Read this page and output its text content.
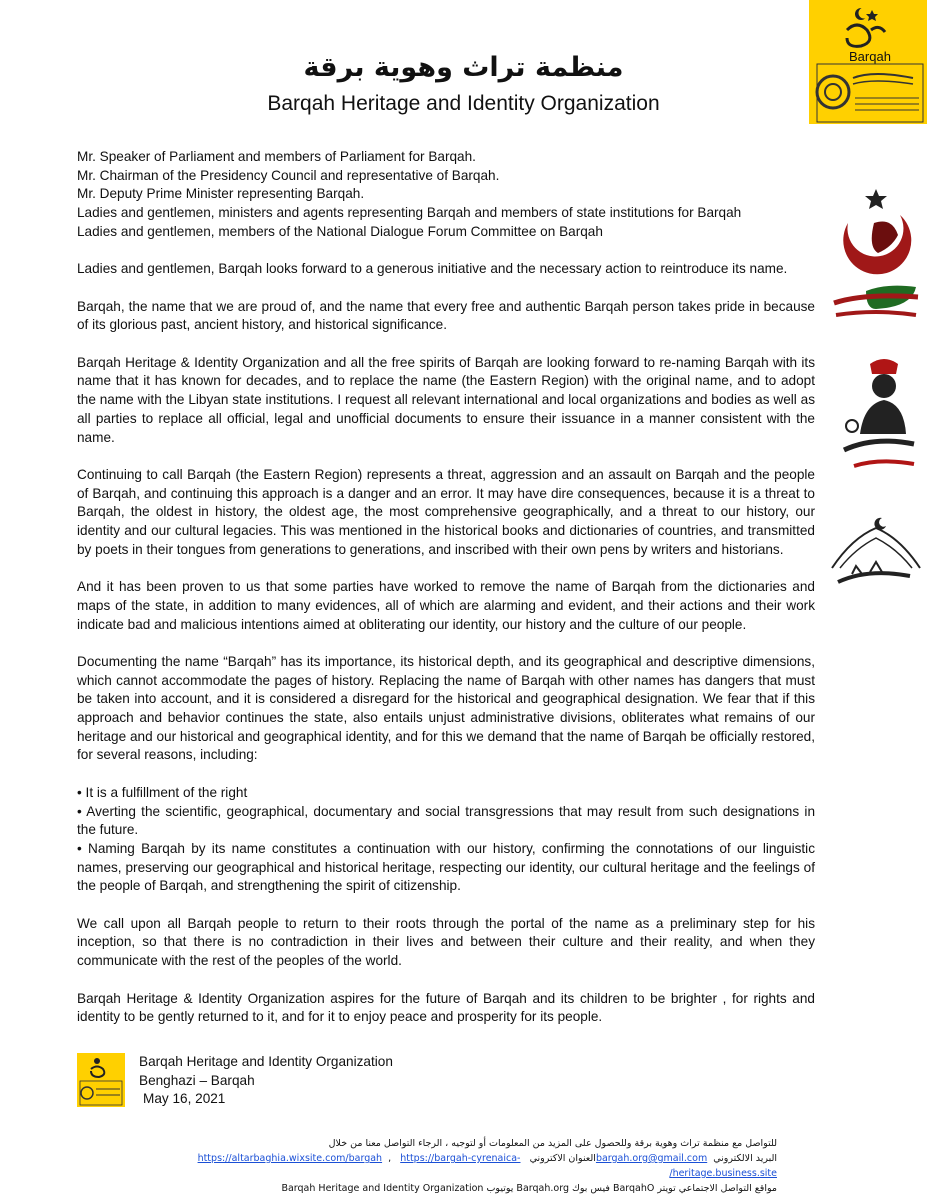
Barqah
منظمة تراث وهوية برقة
Barqah Heritage and Identity Organization
Mr. Speaker of Parliament and members of Parliament for Barqah.
Mr. Chairman of the Presidency Council and representative of Barqah.
Mr. Deputy Prime Minister representing Barqah.
Ladies and gentlemen, ministers and agents representing Barqah and members of state institutions for Barqah
Ladies and gentlemen, members of the National Dialogue Forum Committee on Barqah

Ladies and gentlemen, Barqah looks forward to a generous initiative and the necessary action to reintroduce its name.

Barqah, the name that we are proud of, and the name that every free and authentic Barqah person takes pride in because of its glorious past, ancient history, and historical significance.

Barqah Heritage & Identity Organization and all the free spirits of Barqah are looking forward to re-naming Barqah with its name that it has known for decades, and to replace the name (the Eastern Region) with the original name, and to adopt the name with the Libyan state institutions. I request all relevant international and local organizations and bodies as well as all parties to replace all official, legal and unofficial documents to ensure their issuance in a manner consistent with the name.

Continuing to call Barqah (the Eastern Region) represents a threat, aggression and an assault on Barqah and the people of Barqah, and continuing this approach is a danger and an error. It may have dire consequences, because it is a threat to Barqah, the oldest in history, the oldest age, the most comprehensive geographically, and a threat to our history, our identity and our cultural legacies. This was mentioned in the historical books and dictionaries of countries, and transmitted by poets in their tongues from generations to generations, and inscribed with their own pens by writers and historians.

And it has been proven to us that some parties have worked to remove the name of Barqah from the dictionaries and maps of the state, in addition to many evidences, all of which are alarming and evident, and their actions and their work indicate bad and malicious intentions aimed at obliterating our identity, our history and the culture of our people.

Documenting the name “Barqah” has its importance, its historical depth, and its geographical and descriptive dimensions, which cannot accommodate the pages of history. Replacing the name of Barqah with other names has dangers that must be taken into account, and it is considered a disregard for the historical and geographical designation. We fear that if this approach and behavior continues the state, also entails unjust administrative divisions, obliterates what remains of our heritage and our historical and geographical identity, and for this we demand that the name of Barqah be officially restored, for several reasons, including:

• It is a fulfillment of the right
• Averting the scientific, geographical, documentary and social transgressions that may result from such designations in the future.
• Naming Barqah by its name constitutes a continuation with our history, confirming the connotations of our linguistic names, preserving our geographical and historical heritage, respecting our identity, our cultural heritage and the feelings of the people of Barqah, and strengthening the spirit of citizenship.

We call upon all Barqah people to return to their roots through the portal of the name as a preliminary step for his inception, so that there is no contradiction in their lives and between their culture and their reality, and when they communicate with the rest of the peoples of the world.

Barqah Heritage & Identity Organization aspires for the future of Barqah and its children to be brighter , for rights and identity to be gently returned to it, and for it to enjoy peace and prosperity for its people.

Barqah Heritage and Identity Organization
Benghazi – Barqah
May 16, 2021
للتواصل مع منظمة تراث وهوية برقة وللحصول على المزيد من المعلومات أو لتوجيه ، الرجاء التواصل معنا من خلال
البريد الالكتروني  bargah.org@gmail.comالعنوان الاكتروني   https://altarbaghia.wixsite.com/bargah  ,   https://bargah-cyrenaica-heritage.business.site/
مواقع التواصل الاجتماعي تويتر BarqahO فيس بوك Barqah.org يوتيوب Barqah Heritage and Identity Organization
